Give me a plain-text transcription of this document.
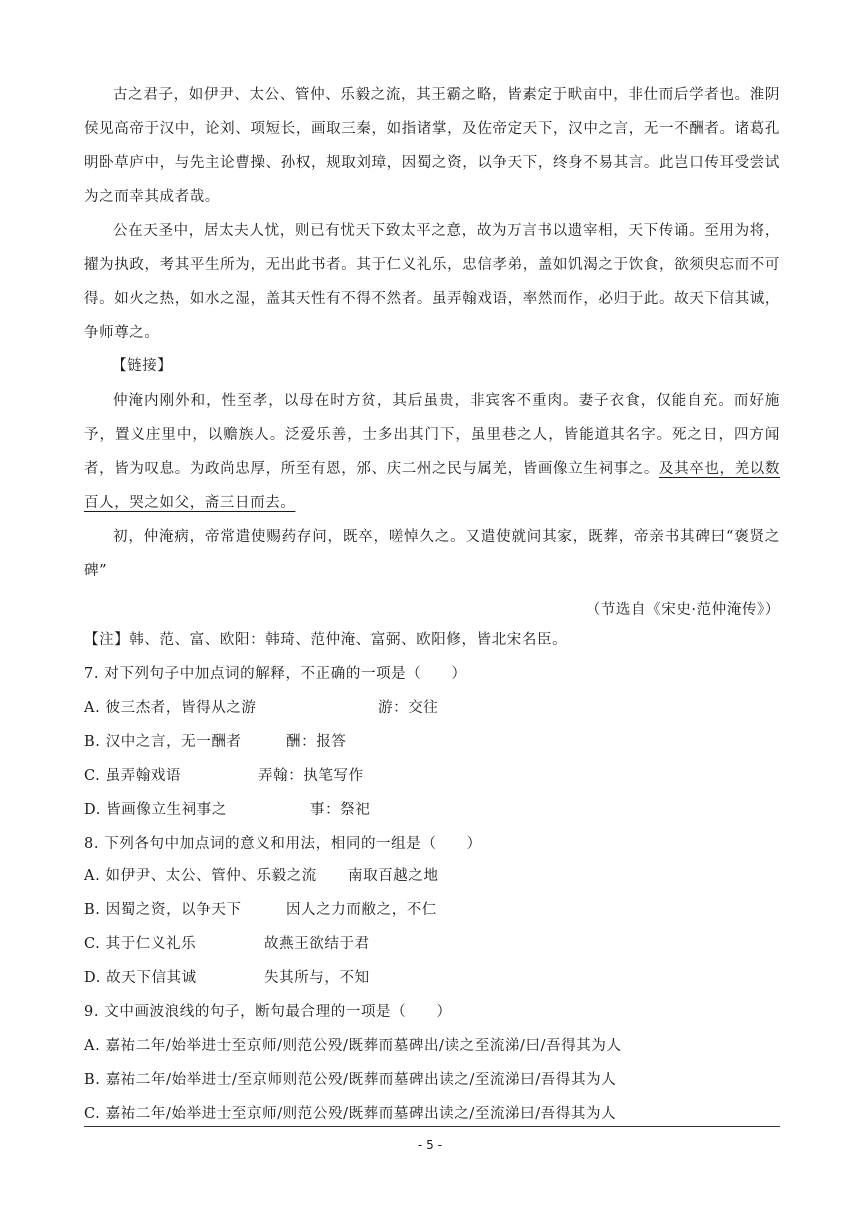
古之君子，如伊尹、太公、管仲、乐毅之流，其王霸之略，皆素定于畎亩中，非仕而后学者也。淮阴侯见高帝于汉中，论刘、项短长，画取三秦，如指诸掌，及佐帝定天下，汉中之言，无一不酬者。诸葛孔明卧草庐中，与先主论曹操、孙权，规取刘璋，因蜀之资，以争天下，终身不易其言。此岂口传耳受尝试为之而幸其成者哉。

公在天圣中，居太夫人忧，则已有忧天下致太平之意，故为万言书以遗宰相，天下传诵。至用为将，擢为执政，考其平生所为，无出此书者。其于仁义礼乐，忠信孝弟，盖如饥渴之于饮食，欲须臾忘而不可得。如火之热，如水之湿，盖其天性有不得不然者。虽弄翰戏语，率然而作，必归于此。故天下信其诚，争师尊之。

【链接】

仲淹内刚外和，性至孝，以母在时方贫，其后虽贵，非宾客不重肉。妻子衣食，仅能自充。而好施予，置义庄里中，以赡族人。泛爱乐善，士多出其门下，虽里巷之人，皆能道其名字。死之日，四方闻者，皆为叹息。为政尚忠厚，所至有恩，邠、庆二州之民与属羌，皆画像立生祠事之。及其卒也，羌以数百人，哭之如父，斋三日而去。

初，仲淹病，帝常遣使赐药存问，既卒，嗟悼久之。又遣使就问其家，既葬，帝亲书其碑曰“褒贤之碑”

（节选自《宋史·范仲淹传》）
【注】韩、范、富、欧阳：韩琦、范仲淹、富弼、欧阳修，皆北宋名臣。
7. 对下列句子中加点词的解释，不正确的一项是（　　）
A. 彼三杰者，皆得从之游	游：交往
B. 汉中之言，无一酬者	酬：报答
C. 虽弄翰戏语	弄翰：执笔写作
D. 皆画像立生祠事之	事：祭祀
8. 下列各句中加点词的意义和用法，相同的一组是（　　）
A. 如伊尹、太公、管仲、乐毅之流 南取百越之地
B. 因蜀之资，以争天下	因人之力而敝之，不仁
C. 其于仁义礼乐	故燕王欲结于君
D. 故天下信其诚	失其所与，不知
9. 文中画波浪线的句子，断句最合理的一项是（　　）
A. 嘉祐二年/始举进士至京师/则范公殁/既葬而墓碑出/读之至流涕/曰/吾得其为人
B. 嘉祐二年/始举进士/至京师则范公殁/既葬而墓碑出读之/至流涕曰/吾得其为人
C. 嘉祐二年/始举进士至京师/则范公殁/既葬而墓碑出读之/至流涕曰/吾得其为人
- 5 -
